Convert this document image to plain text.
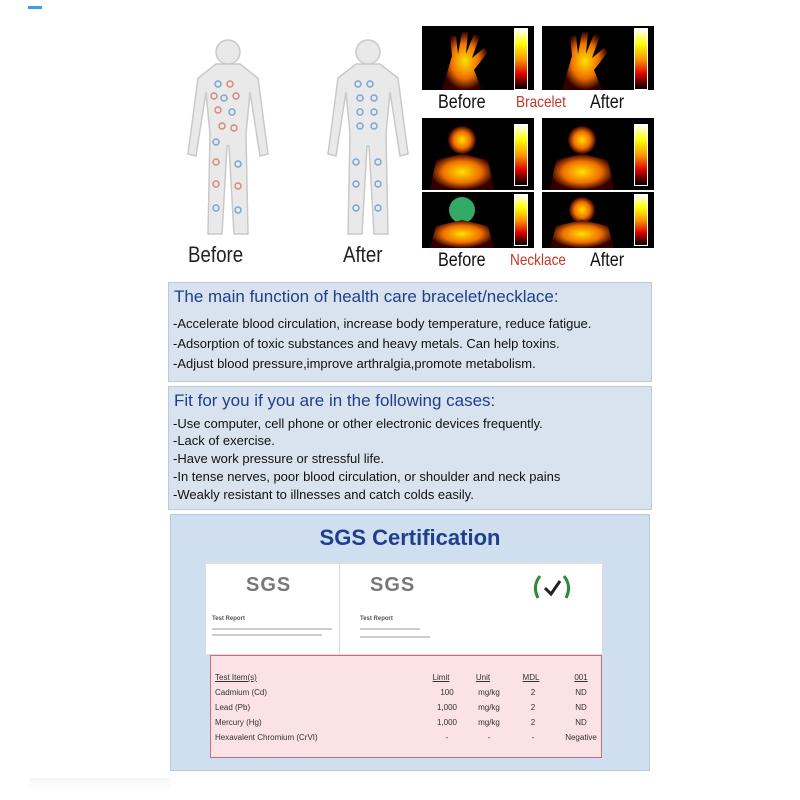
Before	After
Before Bracelet After
Before Necklace After
The main function of health care bracelet/necklace:
-Accelerate blood circulation, increase body temperature, reduce fatigue.
-Adsorption of toxic substances and heavy metals. Can help toxins.
-Adjust blood pressure,improve arthralgia,promote metabolism.
Fit for you if you are in the following cases:
-Use computer, cell phone or other electronic devices frequently.
-Lack of exercise.
-Have work pressure or stressful life.
-In tense nerves, poor blood circulation, or shoulder and neck pains
-Weakly resistant to illnesses and catch colds easily.
SGS Certification
SGS
Test Report
SGS
Test Report
Test Item(s)	Limit	Unit	MDL	001
Cadmium (Cd)	100	mg/kg	2	ND
Lead (Pb)	1,000	mg/kg	2	ND
Mercury (Hg)	1,000	mg/kg	2	ND
Hexavalent Chromium (CrVI)	-	-	-	Negative
